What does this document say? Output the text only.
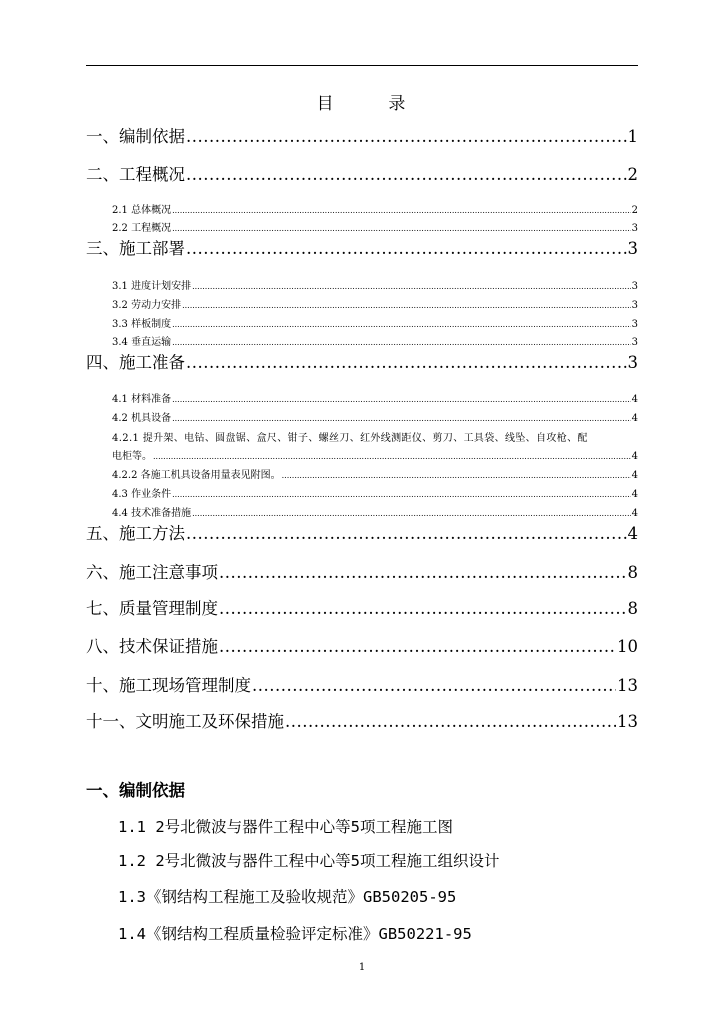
目	录
一、编制依据 .....	1
二、工程概况 .....	2
2.1 总体概况 .....	2
2.2 工程概况 .....	3
三、施工部署 .....	3
3.1 进度计划安排 .....	3
3.2 劳动力安排 .....	3
3.3 样板制度 .....	3
3.4 垂直运输 .....	3
四、施工准备 .....	3
4.1 材料准备 .....	4
4.2 机具设备 .....	4
4.2.1 提升架、电钻、圆盘锯、盒尺、钳子、螺丝刀、红外线测距仪、剪刀、工具袋、线坠、自攻枪、配
电柜等。 .....	4
4.2.2 各施工机具设备用量表见附图。 .....	4
4.3 作业条件 .....	4
4.4 技术准备措施 .....	4
五、施工方法 .....	4
六、施工注意事项 .....	8
七、质量管理制度 .....	8
八、技术保证措施 .....	10
十、施工现场管理制度 .....	13
十一、文明施工及环保措施 .....	13
一、编制依据
1.1 2号北微波与器件工程中心等5项工程施工图
1.2 2号北微波与器件工程中心等5项工程施工组织设计
1.3《钢结构工程施工及验收规范》GB50205-95
1.4《钢结构工程质量检验评定标准》GB50221-95
1
